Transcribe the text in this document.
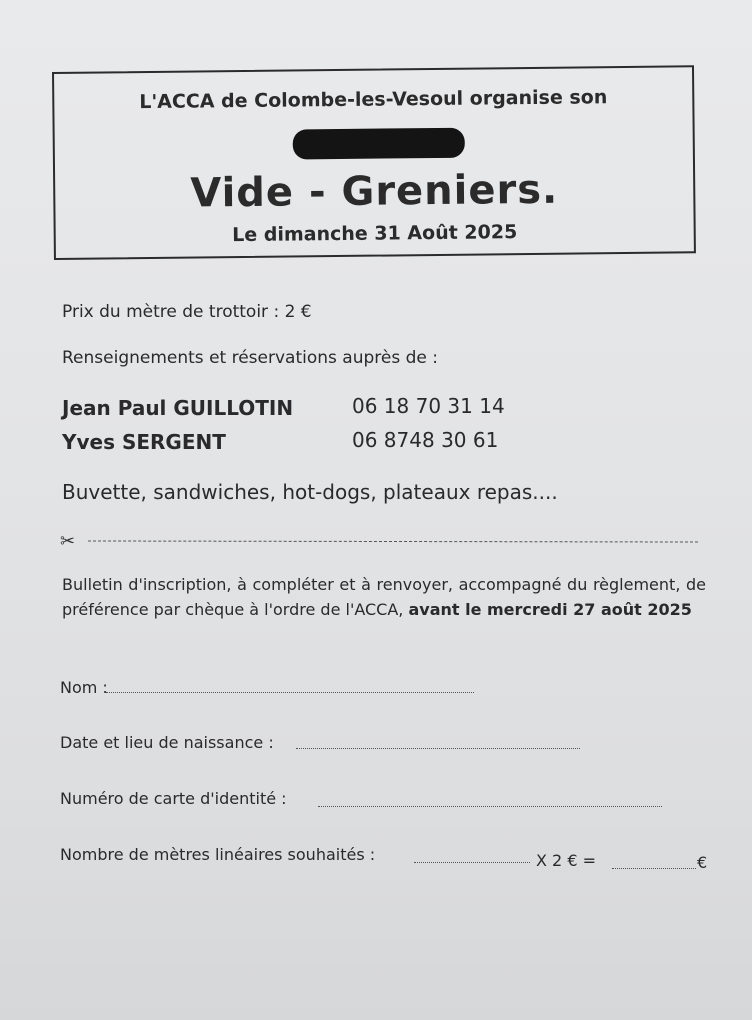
L'ACCA de Colombe-les-Vesoul organise son
Vide - Greniers.
Le dimanche 31 Août 2025
Prix du mètre de trottoir : 2 €
Renseignements et réservations auprès de :
Jean Paul GUILLOTIN	06 18 70 31 14
Yves SERGENT	06 8748 30 61
Buvette, sandwiches, hot-dogs, plateaux repas....
✂
Bulletin d'inscription, à compléter et à renvoyer, accompagné du règlement, de préférence par chèque à l'ordre de l'ACCA, avant le mercredi 27 août 2025
Nom :
Date et lieu de naissance :
Numéro de carte d'identité :
Nombre de mètres linéaires souhaités :	X 2 € =	€
